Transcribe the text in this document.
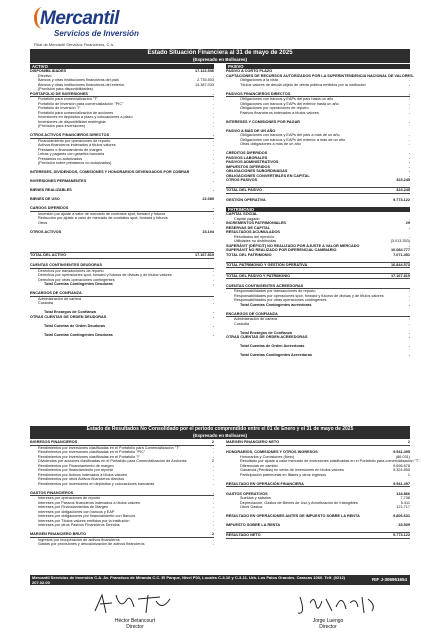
Mercantil
Servicios de Inversión
Filial de Mercantil Servicios Financieros, C.A.
Estado Situación Financiera al 31 de mayo de 2025
(Expresado en Bolívares)
ACTIVO
DISPONIBILIDADES	17.122.536
Efectivo	-
Bancos y otras instituciones financieras del país	2.735.503
Bancos y otras instituciones financieras del exterior	14.387.033
(Provisión para disponibilidades)	-
PORTAFOLIO DE INVERSIONES	-
Portafolio para comercialización "T"	-
Portafolio de inversión para comercialización "PIC"	-
Portafolio de inversión "I"	-
Portafolio para comercialización de acciones	-
Inversiones en depósitos a plazo y colocaciones a plazo	-
Inversiones de disponibilidad restringida	-
(Provisión para inversiones)	-
OTROS ACTIVOS FINANCIEROS DIRECTOS	-
Financiamiento por operaciones de reporto	-
Activos financieros indexados a títulos valores	-
Préstamo o financiamiento de margen	-
Letras y pagarés con garantía bancaria	-
Préstamos no autorizados	-
(Provisión sobre préstamos no autorizados)	-
INTERESES, DIVIDENDOS, COMISIONES Y HONORARIOS DEVENGADOS POR COBRAR	-
INVERSIONES PERMANENTES	-
BIENES REALIZABLES	-
BIENES DE USO	22.089
CARGOS DIFERIDOS	-
Inversión por ajuste a valor de mercado de contratos spot, forward y futuros	-
Reducción por ajuste a valor de mercado de contratos spot, forward y futuros	-
Otros	-
OTROS ACTIVOS	23.194
TOTAL DEL ACTIVO	17.167.819
CUENTAS CONTINGENTES DEUDORAS
Derechos por transacciones de reporto	-
Derechos por operaciones spot, forward y futuros de divisas y de títulos valores	-
Derechos por otras operaciones contingentes	-
Total Cuentas Contingentes Deudoras	-
ENCARGOS DE CONFIANZA
Administración de cartera	-
Custodia	-
Total Encargos de Confianza	-
OTRAS CUENTAS DE ORDEN DEUDORAS	-
Total Cuentas de Orden Deudoras	-
Total Cuentas Contingentes Deudoras	-
PASIVO
PASIVO A CORTO PLAZO
CAPTACIONES DE RECURSOS AUTORIZADOS POR LA SUPERINTENDENCIA NACIONAL DE VALORES -
Obligaciones a la vista	-
Títulos valores de deuda objeto de oferta pública emitidos por la institución	-
PASIVOS FINANCIEROS DIRECTOS	-
Obligaciones con bancos y EAPs del país hasta un año	-
Obligaciones con bancos y EAPs del exterior hasta un año	-
Obligaciones por operaciones de reporto	-
Pasivos financieros indexados a títulos valores	-
INTERESES Y COMISIONES POR PAGAR	-
PASIVO A MÁS DE UN AÑO
Obligaciones con bancos y EAPs del país a más de un año	-
Obligaciones con bancos y EAPs del exterior a más de un año	-
Otras obligaciones a más de un año	-
CRÉDITOS DIFERIDOS	-
PASIVOS LABORALES	-
PASIVOS ADMINISTRATIVOS	-
IMPUESTOS DIFERIDOS	-
OBLIGACIONES SUBORDINADAS	-
OBLIGACIONES CONVERTIBLES EN CAPITAL	-
OTROS PASIVOS	323.245
TOTAL DEL PASIVO	323.245
GESTIÓN OPERATIVA	9.773.122
PATRIMONIO
CAPITAL SOCIAL
Capital pagado	-
INCREMENTOS PATRIMONIALES	29
RESERVAS DE CAPITAL	-
RESULTADOS ACUMULADOS
Resultados del ejercicio	-
Utilidades no distribuidas	(3.013.353)
SUPERÁVIT (DÉFICIT) NO REALIZADO POR AJUSTE A VALOR MERCADO	-
SUPERÁVIT NO REALIZADO POR DIFERENCIAL CAMBIARIO	10.084.777
TOTAL DEL PATRIMONIO	7.071.451
TOTAL PATRIMONIO Y GESTIÓN OPERATIVA	16.844.573
TOTAL DEL PASIVO Y PATRIMONIO	17.167.819
CUENTAS CONTINGENTES ACREEDORAS
Responsabilidades por transacciones de reporto	-
Responsabilidades por operaciones spot, forward y futuros de divisas y de títulos valores	-
Responsabilidades por otras operaciones contingentes	-
Total Cuentas Contingentes acreedoras	-
ENCARGOS DE CONFIANZA
Administración de cartera	-
Custodia	-
Total Encargos de Confianza	-
OTRAS CUENTAS DE ORDEN ACREEDORAS	-
Total Cuentas de Orden Acreedoras	-
Total Cuentas Contingentes Acreedoras	-
Estado de Resultados No Consolidado por el periodo comprendido entre el 01 de Enero y el 31 de mayo de 2025
(Expresado en Bolívares)
INGRESOS FINANCIEROS	2
Rendimientos por inversiones clasificadas en el Portafolio para Comercialización "T"	-
Rendimientos por inversiones clasificadas en el Portafolio "PIC"	-
Rendimientos por inversiones clasificadas en el Portafolio "I"	-
Dividendos por acciones clasificadas en el Portafolio para Comercialización de Acciones	2
Rendimientos por Financiamiento de margen	-
Rendimientos por financiamiento por reporto	-
Rendimientos por Activos indexados a títulos valores	-
Rendimientos por otros Activos financieros directos	-
Rendimientos por Inversiones en depósitos y colocaciones bancarias	-
GASTOS FINANCIEROS	-
Intereses por operaciones de reporto	-
Intereses por Pasivos financieros indexados a títulos valores	-
Intereses por Financiamientos de Margen	-
Intereses por obligaciones con bancos y EAP	-
Intereses por obligaciones por financiamiento con Bancos	-
Intereses por Títulos valores emitidos por la institución	-
Intereses por otros Pasivos Financieros Directos	-
MARGEN FINANCIERO BRUTO	2
Ingresos por recuperación de activos financieros	-
Gastos por provisiones y desvalorización de activos financieros	-
MARGEN FINANCIERO NETO	2
HONORARIOS, COMISIONES Y OTROS INGRESOS	9.941.495
Honorarios y Comisiones (Neto)	(86.031)
Resultado por ajuste a valor mercado de inversiones clasificadas en el Portafolio para comercialización "T" -
Diferencias en cambio	9.696.678
Ganancia (Pérdida) en venta de inversiones en títulos valores	5.324.855
Participación patrimonial en filiales y otros ingresos	1
RESULTADO EN OPERACIÓN FINANCIERA	9.941.497
GASTOS OPERATIVOS	134.866
Sueldos y salarios	7.738
Depreciación, Gastos de Bienes de Uso y Amortización de Intangibles	5.411
Otros Gastos	121.717
RESULTADO EN OPERACIONES ANTES DE IMPUESTO SOBRE LA RENTA	9.806.631
IMPUESTO SOBRE LA RENTA	33.509
RESULTADO NETO	9.773.122
Mercantil Servicios de Inversión C.A. Av. Francisco de Miranda C.C. El Parque, Nivel P03, Locales C-3-10 y C-3-11. Urb. Los Palos Grandes. Caracas 1060. Telf. (0212) 207.02.00
RIF J-306951654
Héctor Betancourt
Director
Jorge Luengo
Director
